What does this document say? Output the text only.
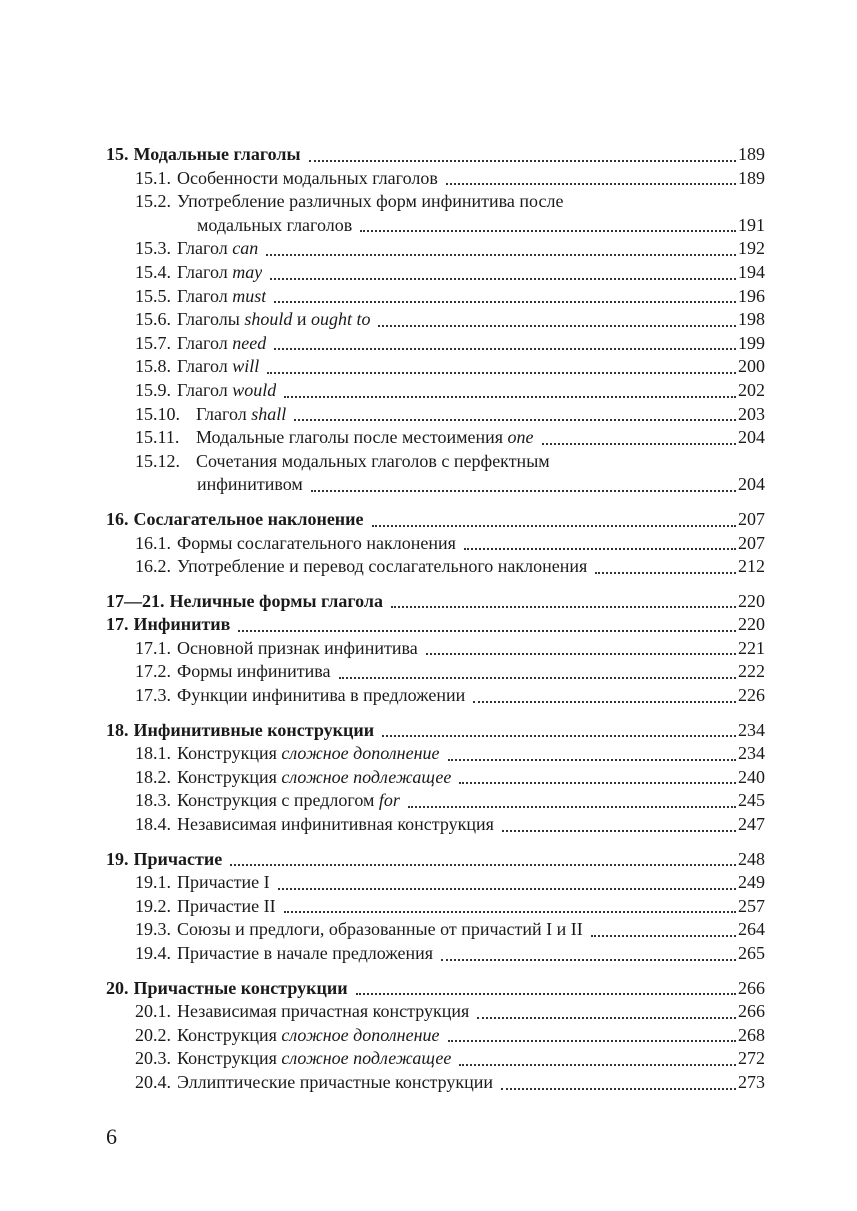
15. Модальные глаголы	189
15.1. Особенности модальных глаголов	189
15.2. Употребление различных форм инфинитива после
модальных глаголов	191
15.3. Глагол can	192
15.4. Глагол may	194
15.5. Глагол must	196
15.6. Глаголы should и ought to	198
15.7. Глагол need	199
15.8. Глагол will	200
15.9. Глагол would	202
15.10. Глагол shall	203
15.11. Модальные глаголы после местоимения one	204
15.12. Сочетания модальных глаголов с перфектным
инфинитивом	204
16. Сослагательное наклонение	207
16.1. Формы сослагательного наклонения	207
16.2. Употребление и перевод сослагательного наклонения	212
17—21. Неличные формы глагола	220
17. Инфинитив	220
17.1. Основной признак инфинитива	221
17.2. Формы инфинитива	222
17.3. Функции инфинитива в предложении	226
18. Инфинитивные конструкции	234
18.1. Конструкция сложное дополнение	234
18.2. Конструкция сложное подлежащее	240
18.3. Конструкция с предлогом for	245
18.4. Независимая инфинитивная конструкция	247
19. Причастие	248
19.1. Причастие I	249
19.2. Причастие II	257
19.3. Союзы и предлоги, образованные от причастий I и II	264
19.4. Причастие в начале предложения	265
20. Причастные конструкции	266
20.1. Независимая причастная конструкция	266
20.2. Конструкция сложное дополнение	268
20.3. Конструкция сложное подлежащее	272
20.4. Эллиптические причастные конструкции	273
6
